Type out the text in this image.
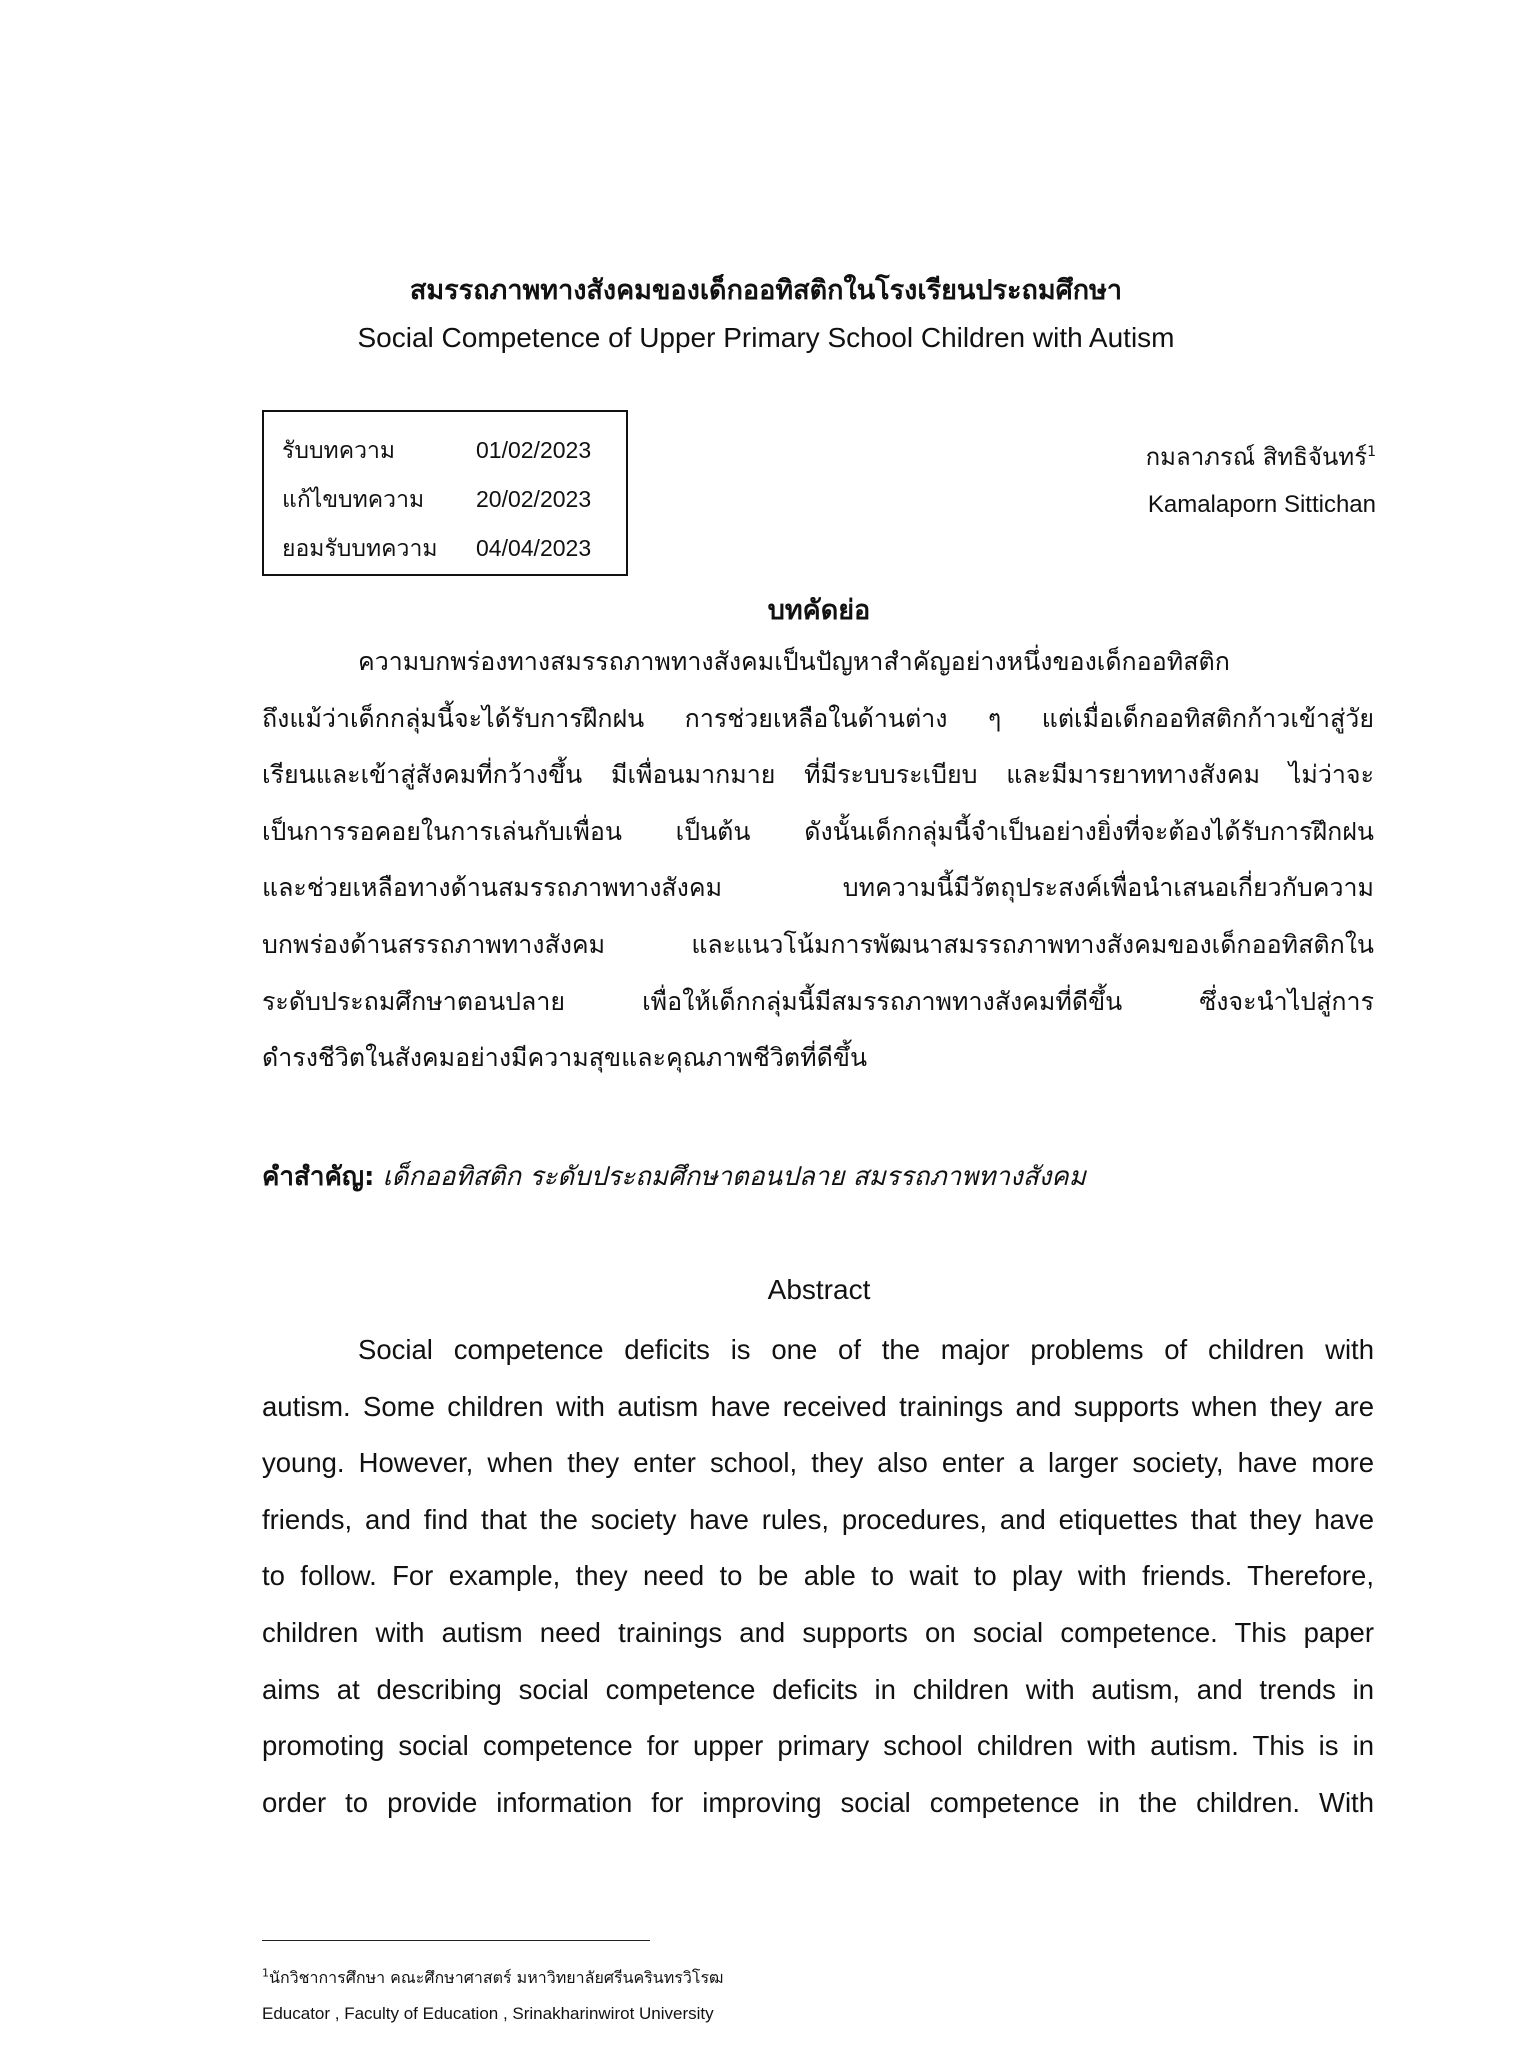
สมรรถภาพทางสังคมของเด็กออทิสติกในโรงเรียนประถมศึกษา
Social Competence of Upper Primary School Children with Autism
รับบทความ	01/02/2023
แก้ไขบทความ	20/02/2023
ยอมรับบทความ	04/04/2023
กมลาภรณ์ สิทธิจันทร์$^1$
Kamalaporn Sittichan
บทคัดย่อ
ความบกพร่องทางสมรรถภาพทางสังคมเป็นปัญหาสำคัญอย่างหนึ่งของเด็กออทิสติก
ถึงแม้ว่าเด็กกลุ่มนี้จะได้รับการฝึกฝน การช่วยเหลือในด้านต่าง ๆ แต่เมื่อเด็กออทิสติกก้าวเข้าสู่วัย
เรียนและเข้าสู่สังคมที่กว้างขึ้น มีเพื่อนมากมาย ที่มีระบบระเบียบ และมีมารยาททางสังคม ไม่ว่าจะ
เป็นการรอคอยในการเล่นกับเพื่อน เป็นต้น ดังนั้นเด็กกลุ่มนี้จำเป็นอย่างยิ่งที่จะต้องได้รับการฝึกฝน
และช่วยเหลือทางด้านสมรรถภาพทางสังคม บทความนี้มีวัตถุประสงค์เพื่อนำเสนอเกี่ยวกับความ
บกพร่องด้านสรรถภาพทางสังคม และแนวโน้มการพัฒนาสมรรถภาพทางสังคมของเด็กออทิสติกใน
ระดับประถมศึกษาตอนปลาย เพื่อให้เด็กกลุ่มนี้มีสมรรถภาพทางสังคมที่ดีขึ้น ซึ่งจะนำไปสู่การ
ดำรงชีวิตในสังคมอย่างมีความสุขและคุณภาพชีวิตที่ดีขึ้น
คำสำคัญ: เด็กออทิสติก ระดับประถมศึกษาตอนปลาย สมรรถภาพทางสังคม
Abstract
Social competence deficits is one of the major problems of children with
autism. Some children with autism have received trainings and supports when they are
young. However, when they enter school, they also enter a larger society, have more
friends, and find that the society have rules, procedures, and etiquettes that they have
to follow. For example, they need to be able to wait to play with friends. Therefore,
children with autism need trainings and supports on social competence. This paper
aims at describing social competence deficits in children with autism, and trends in
promoting social competence for upper primary school children with autism. This is in
order to provide information for improving social competence in the children. With
$^1$นักวิชาการศึกษา คณะศึกษาศาสตร์ มหาวิทยาลัยศรีนครินทรวิโรฒ
Educator , Faculty of Education , Srinakharinwirot University
